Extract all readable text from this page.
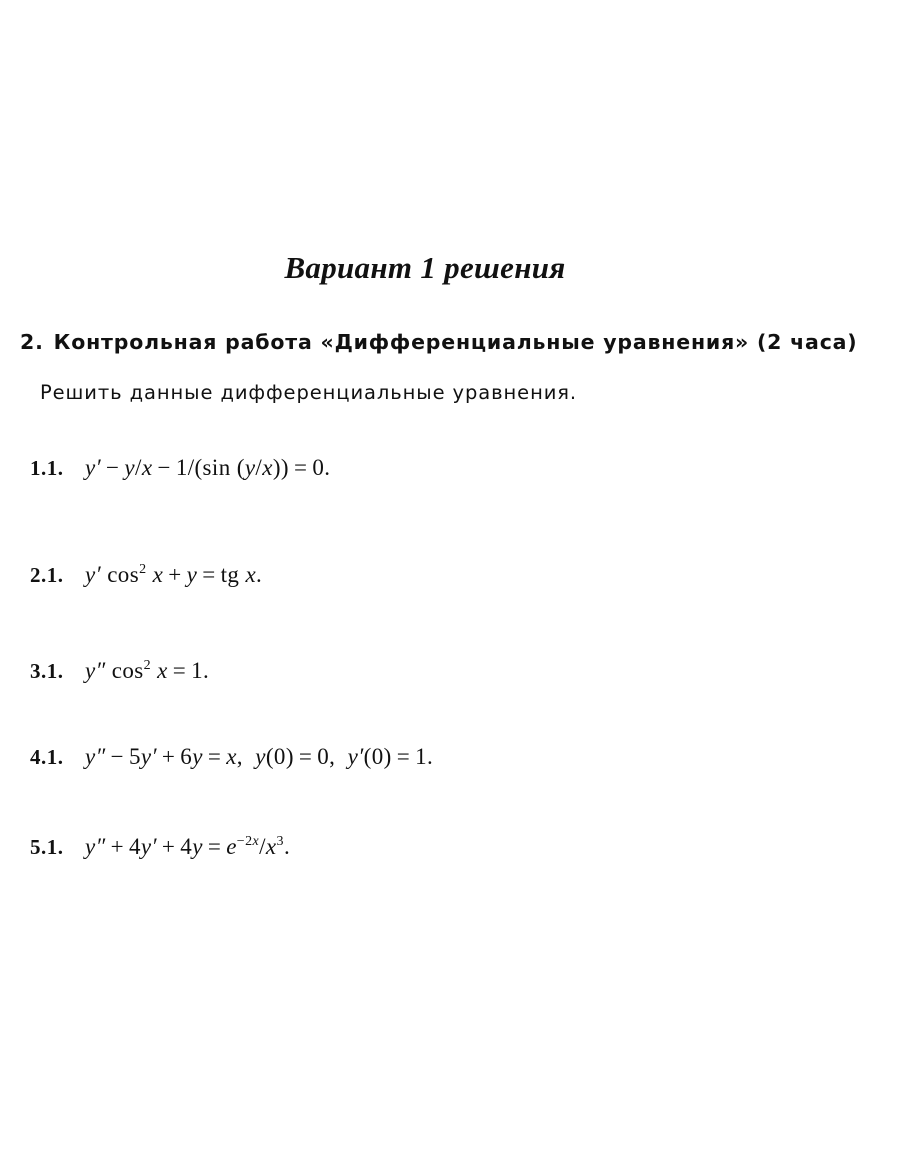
Вариант 1 решения
2. Контрольная работа «Дифференциальные уравнения» (2 часа)
Решить данные дифференциальные уравнения.
1.1. y′ − y/x − 1/(sin (y/x)) = 0.
2.1. y′ $\cos^2 x + y$ = tg x.
3.1. y″ $\cos^2 x = 1$.
4.1. y″ − 5y′ + 6y = x,  y(0) = 0,  y′(0) = 1.
5.1. $y'' + 4y' + 4y = e^{-2x}/x^3$.
